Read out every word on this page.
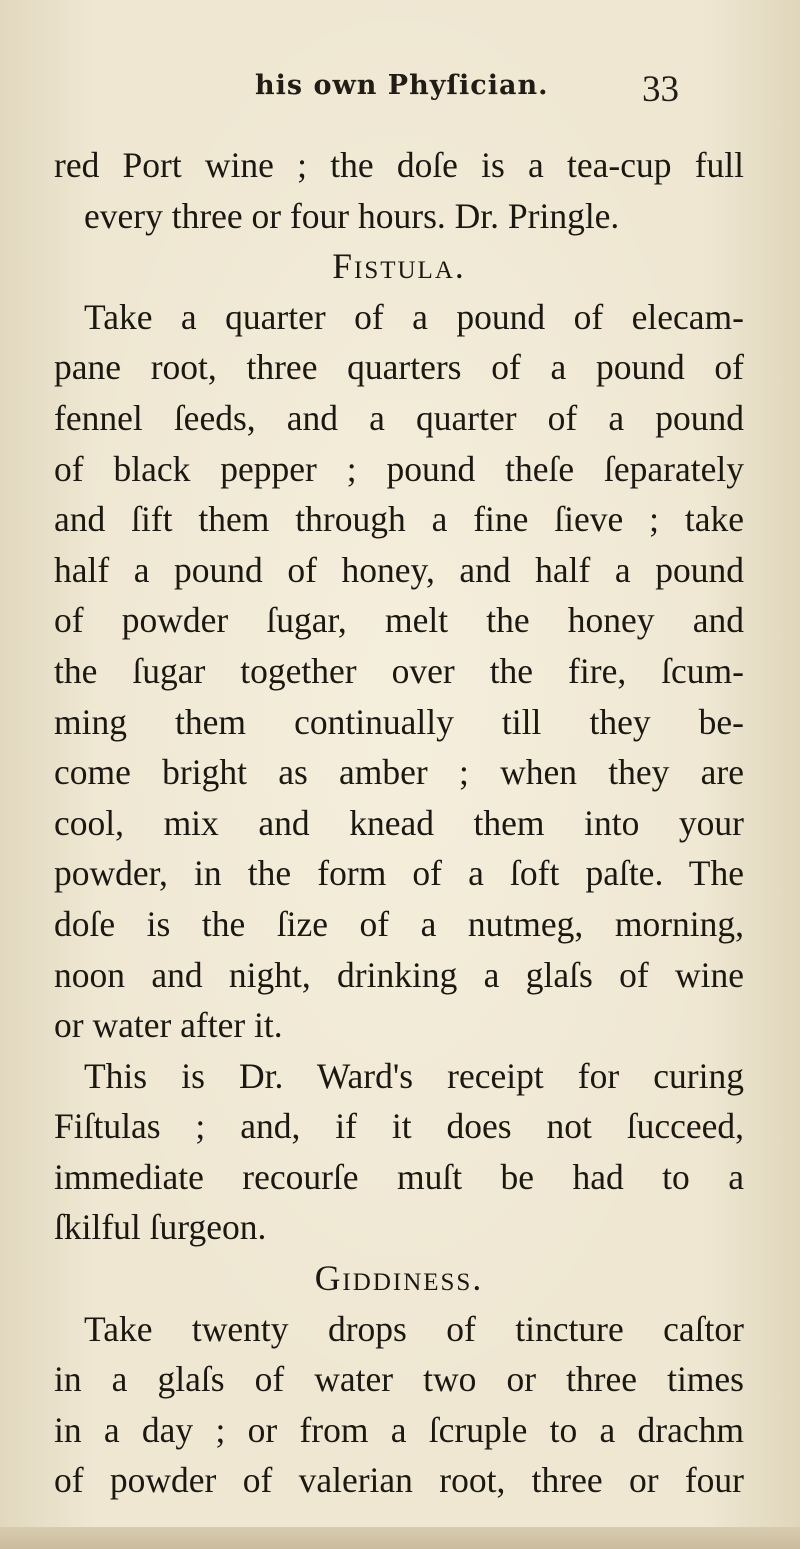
his own Phyſician.	33
red Port wine ; the doſe is a tea-cup full
every three or four hours. Dr. Pringle.
Fistula.
Take a quarter of a pound of elecam-
pane root, three quarters of a pound of
fennel ſeeds, and a quarter of a pound
of black pepper ; pound theſe ſeparately
and ſift them through a fine ſieve ; take
half a pound of honey, and half a pound
of powder ſugar, melt the honey and
the ſugar together over the fire, ſcum-
ming them continually till they be-
come bright as amber ; when they are
cool, mix and knead them into your
powder, in the form of a ſoft paſte. The
doſe is the ſize of a nutmeg, morning,
noon and night, drinking a glaſs of wine
or water after it.
This is Dr. Ward's receipt for curing
Fiſtulas ; and, if it does not ſucceed,
immediate recourſe muſt be had to a
ſkilful ſurgeon.
Giddiness.
Take twenty drops of tincture caſtor
in a glaſs of water two or three times
in a day ; or from a ſcruple to a drachm
of powder of valerian root, three or four
